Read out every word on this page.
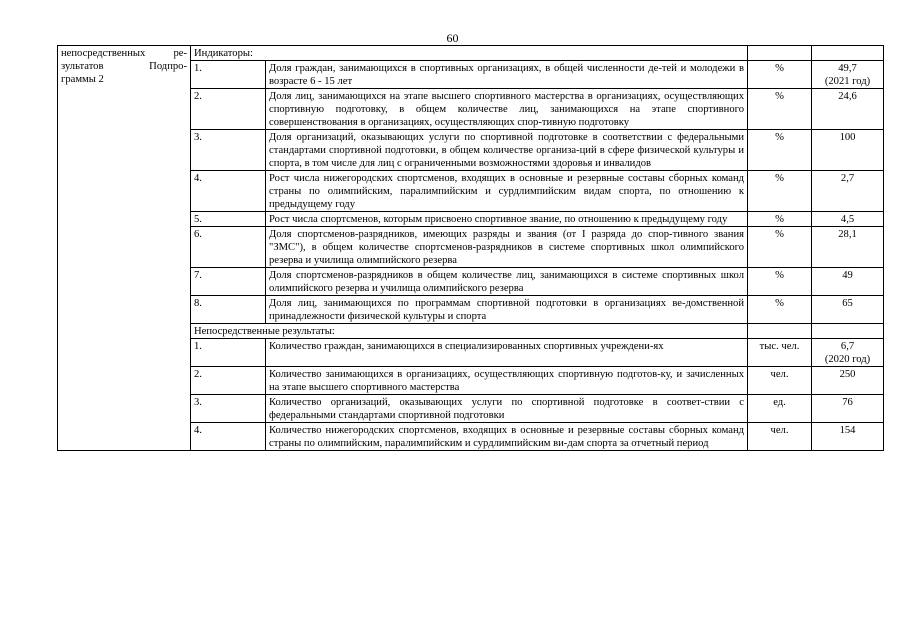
60
непосредственных ре-
зультатов Подпро-
граммы 2	Индикаторы:			
	1.	Доля граждан, занимающихся в спортивных организациях, в общей численности де-тей и молодежи в возрасте 6 - 15 лет	%	49,7
(2021 год)

	2.	Доля лиц, занимающихся на этапе высшего спортивного мастерства в организациях, осуществляющих спортивную подготовку, в общем количестве лиц, занимающихся на этапе спортивного совершенствования в организациях, осуществляющих спор-тивную подготовку	%	24,6

	3.	Доля организаций, оказывающих услуги по спортивной подготовке в соответствии с федеральными стандартами спортивной подготовки, в общем количестве организа-ций в сфере физической культуры и спорта, в том числе для лиц с ограниченными возможностями здоровья и инвалидов	%	100

	4.	Рост числа нижегородских спортсменов, входящих в основные и резервные составы сборных команд страны по олимпийским, паралимпийским и сурдлимпийским видам спорта, по отношению к предыдущему году	%	2,7

	5.	Рост числа спортсменов, которым присвоено спортивное звание, по отношению к предыдущему году	%	4,5

	6.	Доля спортсменов-разрядников, имеющих разряды и звания (от I разряда до спор-тивного звания "ЗМС"), в общем количестве спортсменов-разрядников в системе спортивных школ олимпийского резерва и училища олимпийского резерва	%	28,1

	7.	Доля спортсменов-разрядников в общем количестве лиц, занимающихся в системе спортивных школ олимпийского резерва и училища олимпийского резерва	%	49

	8.	Доля лиц, занимающихся по программам спортивной подготовки в организациях ве-домственной принадлежности физической культуры и спорта	%	65

	Непосредственные результаты:			
	1.	Количество граждан, занимающихся в специализированных спортивных учреждени-ях	тыс. чел.	6,7
(2020 год)

	2.	Количество занимающихся в организациях, осуществляющих спортивную подготов-ку, и зачисленных на этапе высшего спортивного мастерства	чел.	250

	3.	Количество организаций, оказывающих услуги по спортивной подготовке в соответ-ствии с федеральными стандартами спортивной подготовки	ед.	76

	4.	Количество нижегородских спортсменов, входящих в основные и резервные составы сборных команд страны по олимпийским, паралимпийским и сурдлимпийским ви-дам спорта за отчетный период	чел.	154
